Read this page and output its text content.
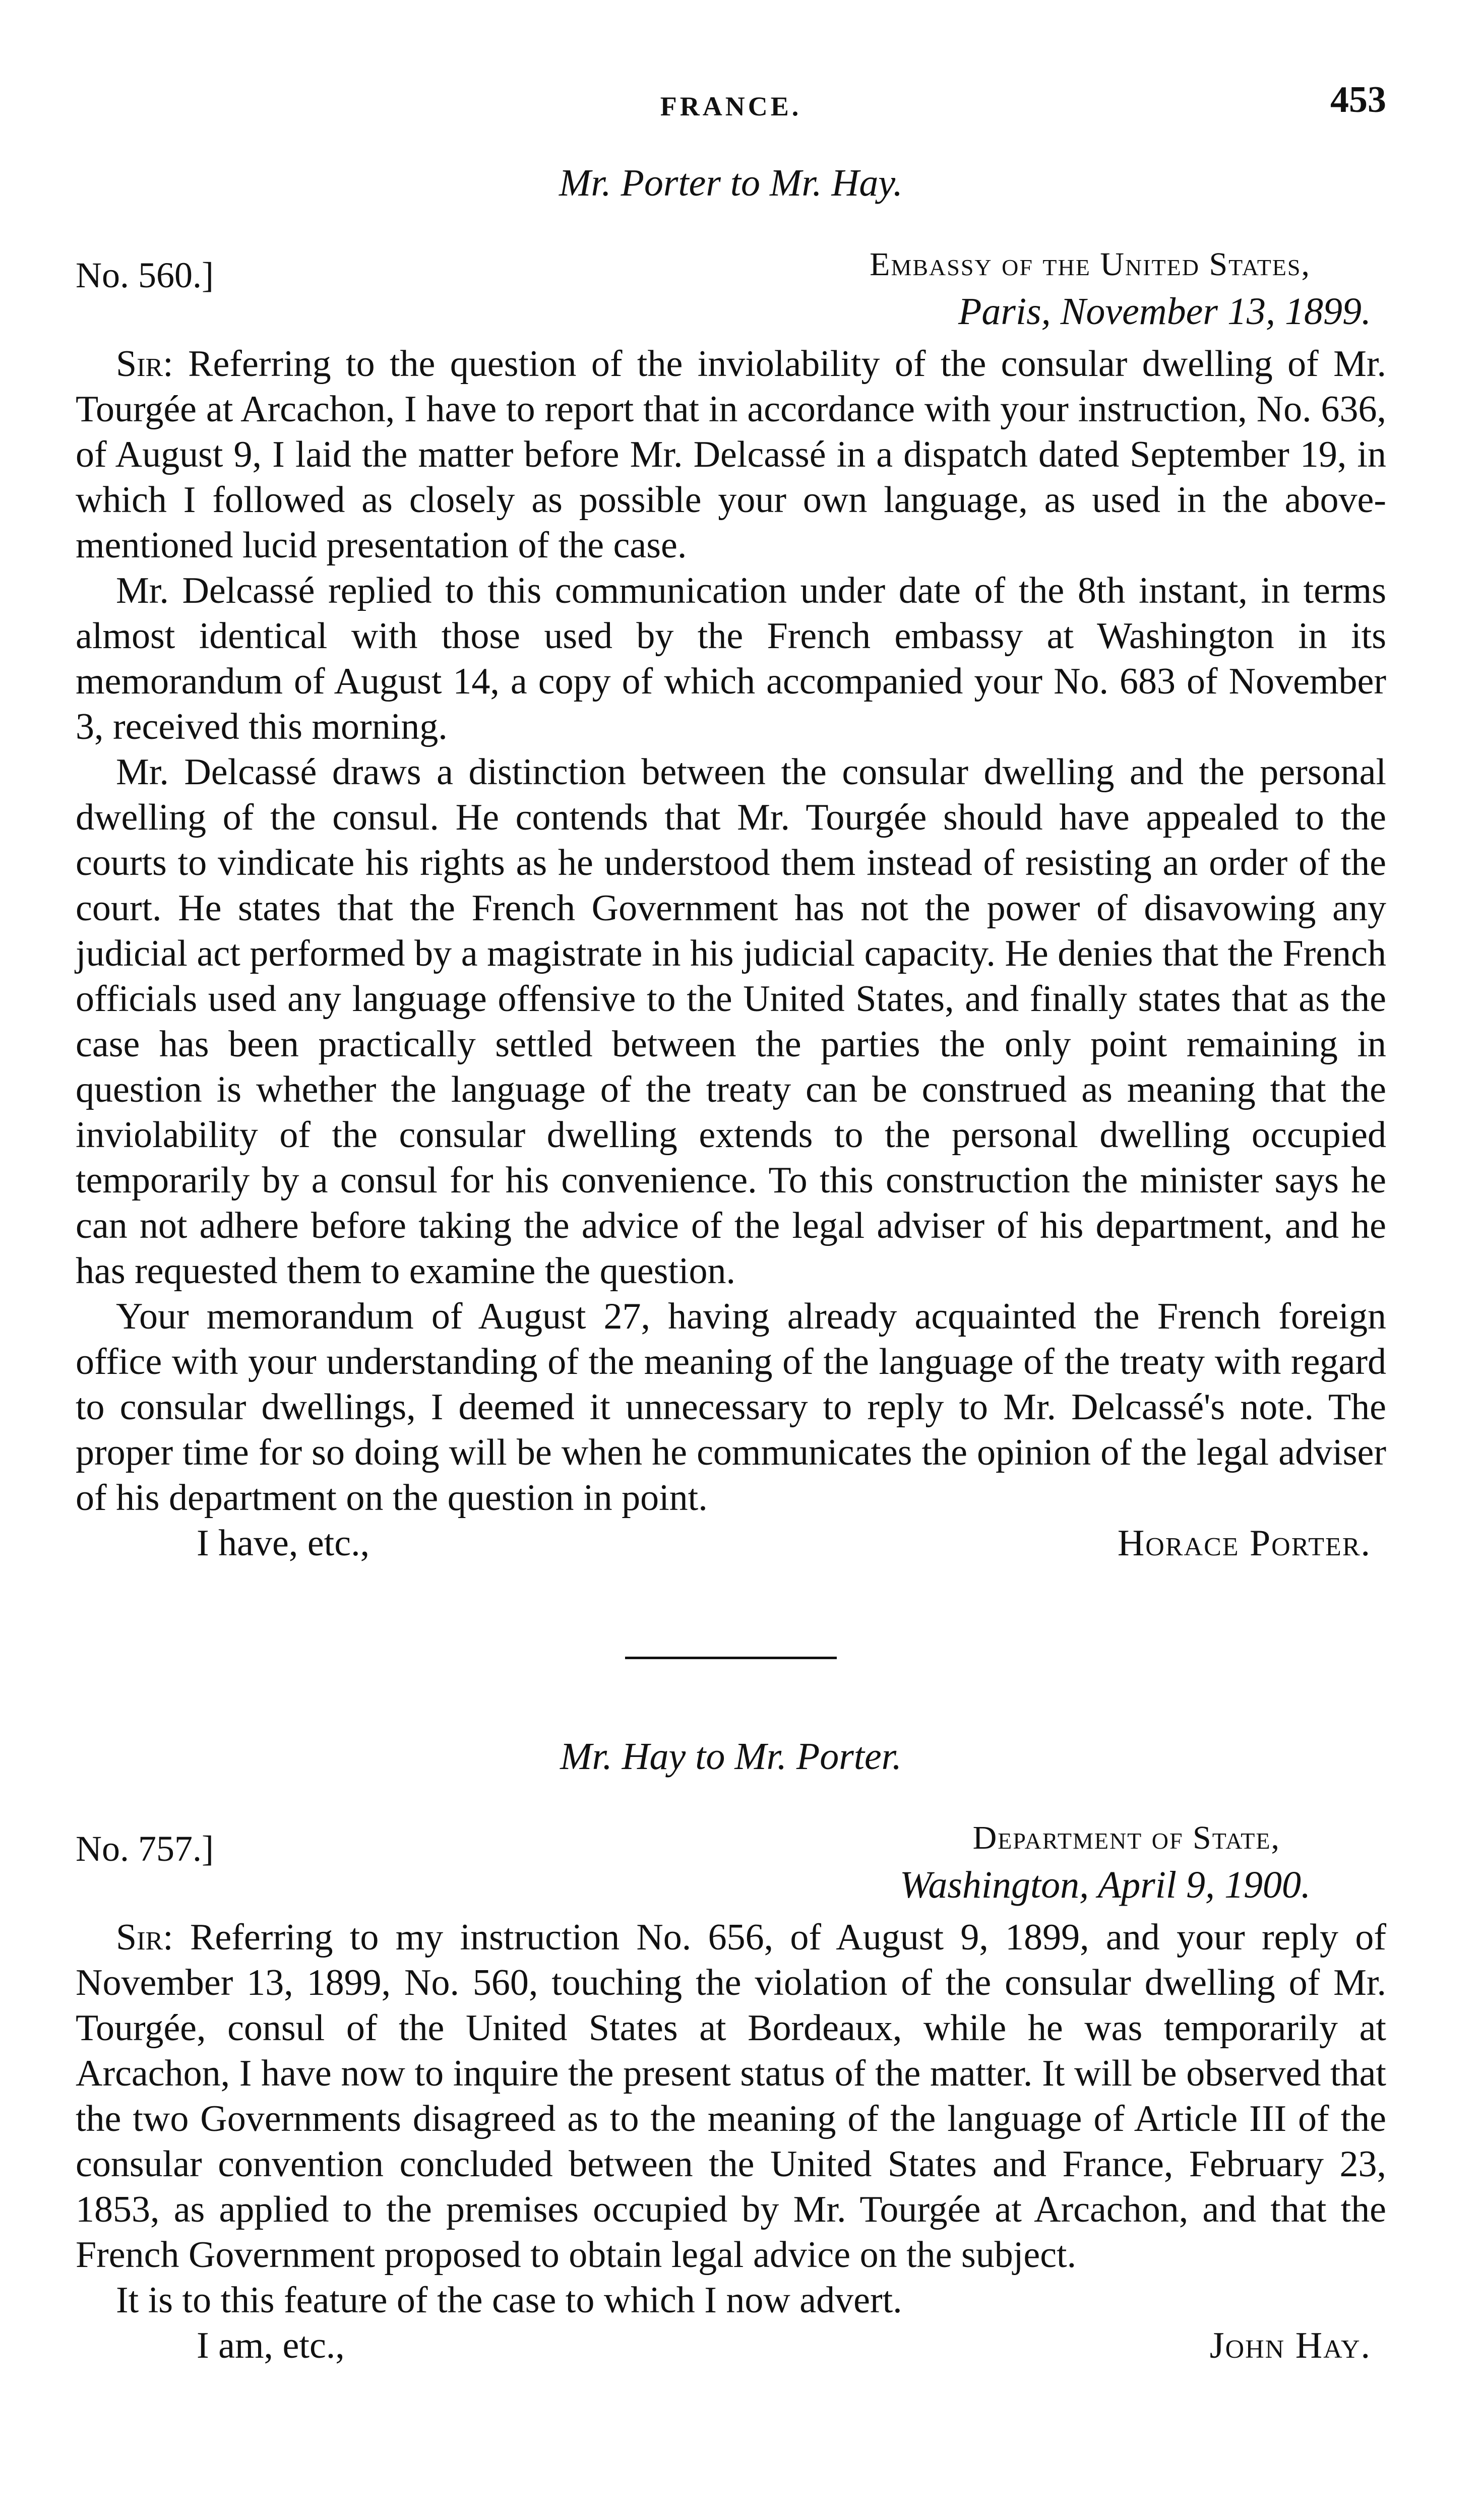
FRANCE.	453
Mr. Porter to Mr. Hay.
No. 560.]	Embassy of the United States,
Paris, November 13, 1899.

Sir: Referring to the question of the inviolability of the consular dwelling of Mr. Tourgée at Arcachon, I have to report that in accordance with your instruction, No. 636, of August 9, I laid the matter before Mr. Delcassé in a dispatch dated September 19, in which I followed as closely as possible your own language, as used in the above-mentioned lucid presentation of the case.

Mr. Delcassé replied to this communication under date of the 8th instant, in terms almost identical with those used by the French embassy at Washington in its memorandum of August 14, a copy of which accompanied your No. 683 of November 3, received this morning.

Mr. Delcassé draws a distinction between the consular dwelling and the personal dwelling of the consul. He contends that Mr. Tourgée should have appealed to the courts to vindicate his rights as he understood them instead of resisting an order of the court. He states that the French Government has not the power of disavowing any judicial act performed by a magistrate in his judicial capacity. He denies that the French officials used any language offensive to the United States, and finally states that as the case has been practically settled between the parties the only point remaining in question is whether the language of the treaty can be construed as meaning that the inviolability of the consular dwelling extends to the personal dwelling occupied temporarily by a consul for his convenience. To this construction the minister says he can not adhere before taking the advice of the legal adviser of his department, and he has requested them to examine the question.

Your memorandum of August 27, having already acquainted the French foreign office with your understanding of the meaning of the language of the treaty with regard to consular dwellings, I deemed it unnecessary to reply to Mr. Delcassé's note. The proper time for so doing will be when he communicates the opinion of the legal adviser of his department on the question in point.

I have, etc.,	Horace Porter.
Mr. Hay to Mr. Porter.
No. 757.]	Department of State,
Washington, April 9, 1900.

Sir: Referring to my instruction No. 656, of August 9, 1899, and your reply of November 13, 1899, No. 560, touching the violation of the consular dwelling of Mr. Tourgée, consul of the United States at Bordeaux, while he was temporarily at Arcachon, I have now to inquire the present status of the matter. It will be observed that the two Governments disagreed as to the meaning of the language of Article III of the consular convention concluded between the United States and France, February 23, 1853, as applied to the premises occupied by Mr. Tourgée at Arcachon, and that the French Government proposed to obtain legal advice on the subject.

It is to this feature of the case to which I now advert.

I am, etc.,	John Hay.
